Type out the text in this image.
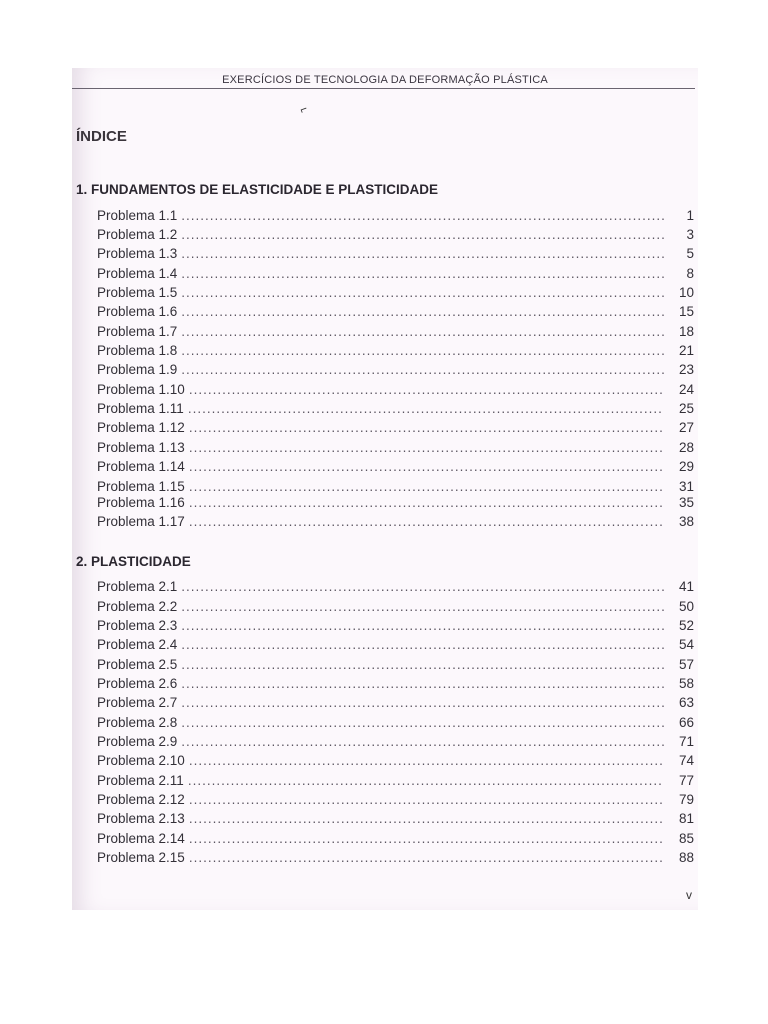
EXERCÍCIOS DE TECNOLOGIA DA DEFORMAÇÃO PLÁSTICA
⌐
ÍNDICE
1. FUNDAMENTOS DE ELASTICIDADE E PLASTICIDADE
Problema 1.1 .....	1
Problema 1.2 .....	3
Problema 1.3 .....	5
Problema 1.4 .....	8
Problema 1.5 .....	10
Problema 1.6 .....	15
Problema 1.7 .....	18
Problema 1.8 .....	21
Problema 1.9 .....	23
Problema 1.10 .....	24
Problema 1.11 .....	25
Problema 1.12 .....	27
Problema 1.13 .....	28
Problema 1.14 .....	29
Problema 1.15 .....	31
Problema 1.16 .....	35
Problema 1.17 .....	38
2. PLASTICIDADE
Problema 2.1 .....	41
Problema 2.2 .....	50
Problema 2.3 .....	52
Problema 2.4 .....	54
Problema 2.5 .....	57
Problema 2.6 .....	58
Problema 2.7 .....	63
Problema 2.8 .....	66
Problema 2.9 .....	71
Problema 2.10 .....	74
Problema 2.11 .....	77
Problema 2.12 .....	79
Problema 2.13 .....	81
Problema 2.14 .....	85
Problema 2.15 .....	88
v
